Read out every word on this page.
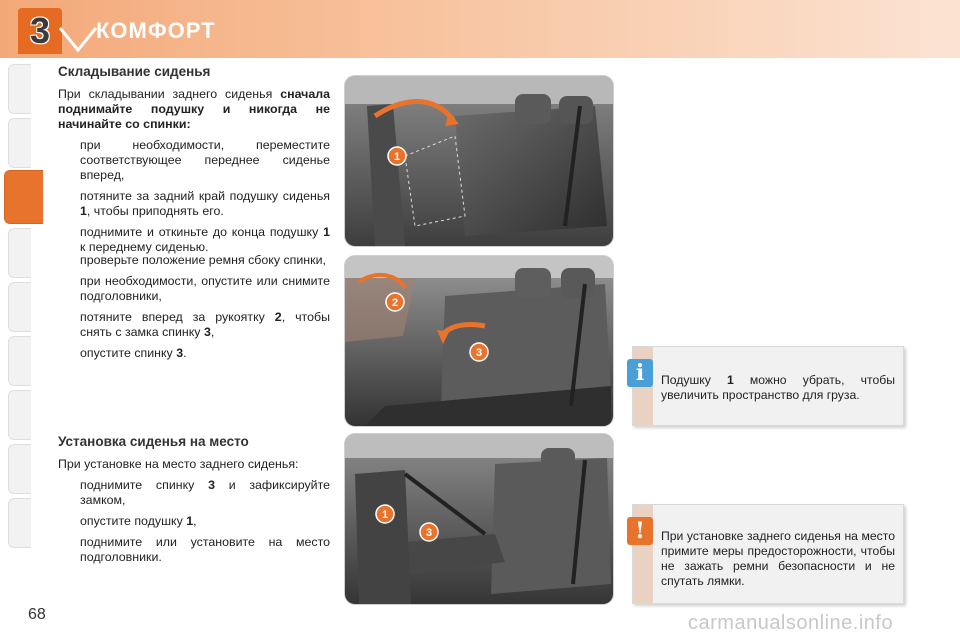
3	КОМФОРТ
Складывание сиденья

При складывании заднего сиденья сначала поднимайте подушку и никогда не начинайте со спинки:

при необходимости, переместите соответствующее переднее сиденье вперед,
потяните за задний край подушку сиденья 1, чтобы приподнять его.
поднимите и откиньте до конца подушку 1 к переднему сиденью.
проверьте положение ремня сбоку спинки,
при необходимости, опустите или снимите подголовники,
потяните вперед за рукоятку 2, чтобы снять с замка спинку 3,
опустите спинку 3.
Установка сиденья на место

При установке на место заднего сиденья:

поднимите спинку 3 и зафиксируйте замком,
опустите подушку 1,
поднимите или установите на место подголовники.
1
2
3
1
3
i	Подушку 1 можно убрать, чтобы увеличить пространство для груза.
!	При установке заднего сиденья на место примите меры предосторожности, чтобы не зажать ремни безопасности и не спутать лямки.
68	carmanualsonline.info
